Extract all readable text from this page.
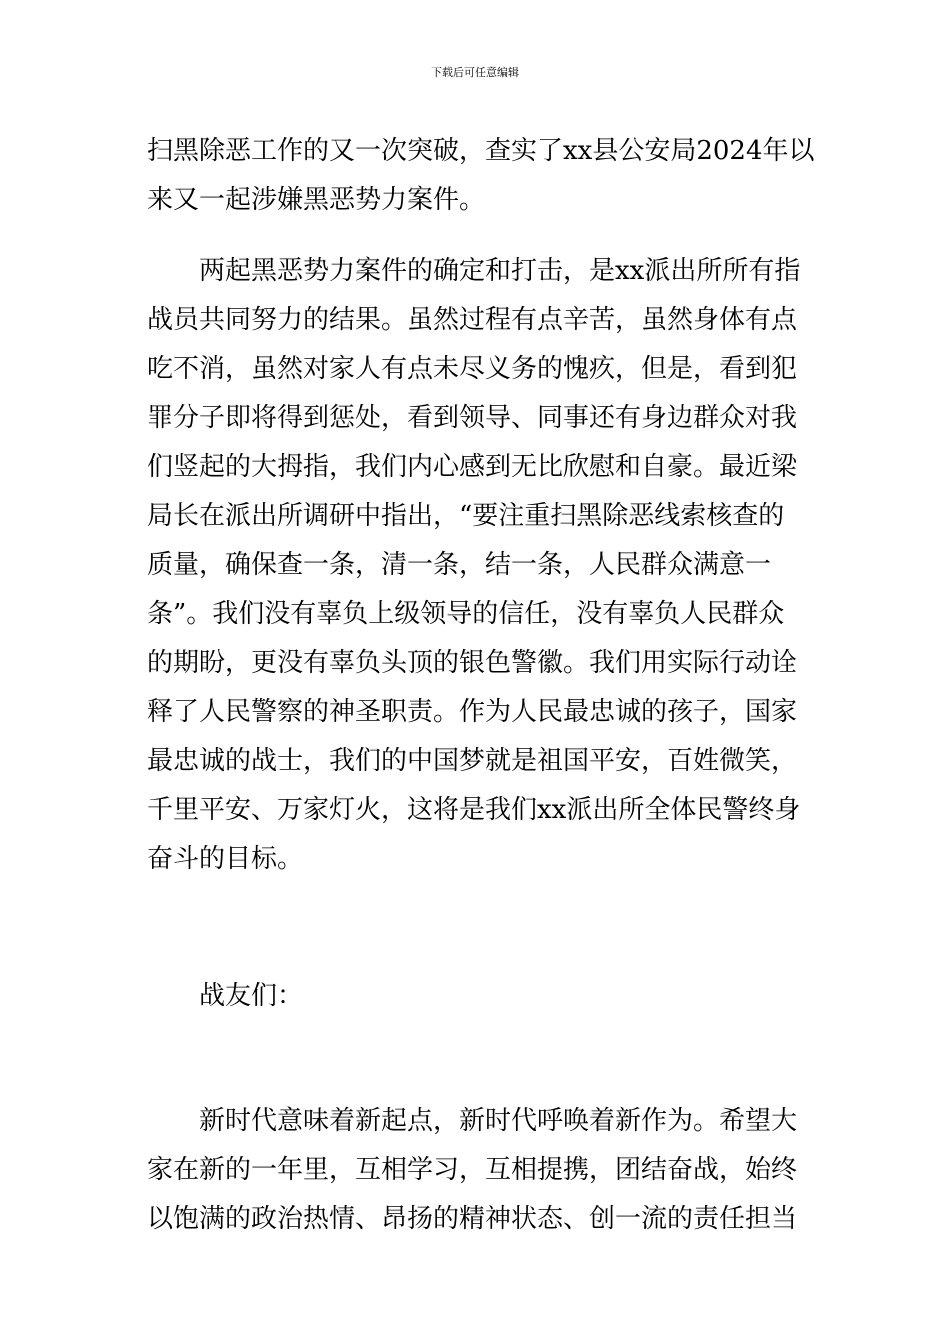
下载后可任意编辑
扫黑除恶工作的又一次突破，查实了xx县公安局2024年以
来又一起涉嫌黑恶势力案件。
　　两起黑恶势力案件的确定和打击，是xx派出所所有指
战员共同努力的结果。虽然过程有点辛苦，虽然身体有点
吃不消，虽然对家人有点未尽义务的愧疚，但是，看到犯
罪分子即将得到惩处，看到领导、同事还有身边群众对我
们竖起的大拇指，我们内心感到无比欣慰和自豪。最近梁
局长在派出所调研中指出，“要注重扫黑除恶线索核查的
质量，确保查一条，清一条，结一条，人民群众满意一
条”。我们没有辜负上级领导的信任，没有辜负人民群众
的期盼，更没有辜负头顶的银色警徽。我们用实际行动诠
释了人民警察的神圣职责。作为人民最忠诚的孩子，国家
最忠诚的战士，我们的中国梦就是祖国平安，百姓微笑，
千里平安、万家灯火，这将是我们xx派出所全体民警终身
奋斗的目标。
　　战友们：
　　新时代意味着新起点，新时代呼唤着新作为。希望大
家在新的一年里，互相学习，互相提携，团结奋战，始终
以饱满的政治热情、昂扬的精神状态、创一流的责任担当
